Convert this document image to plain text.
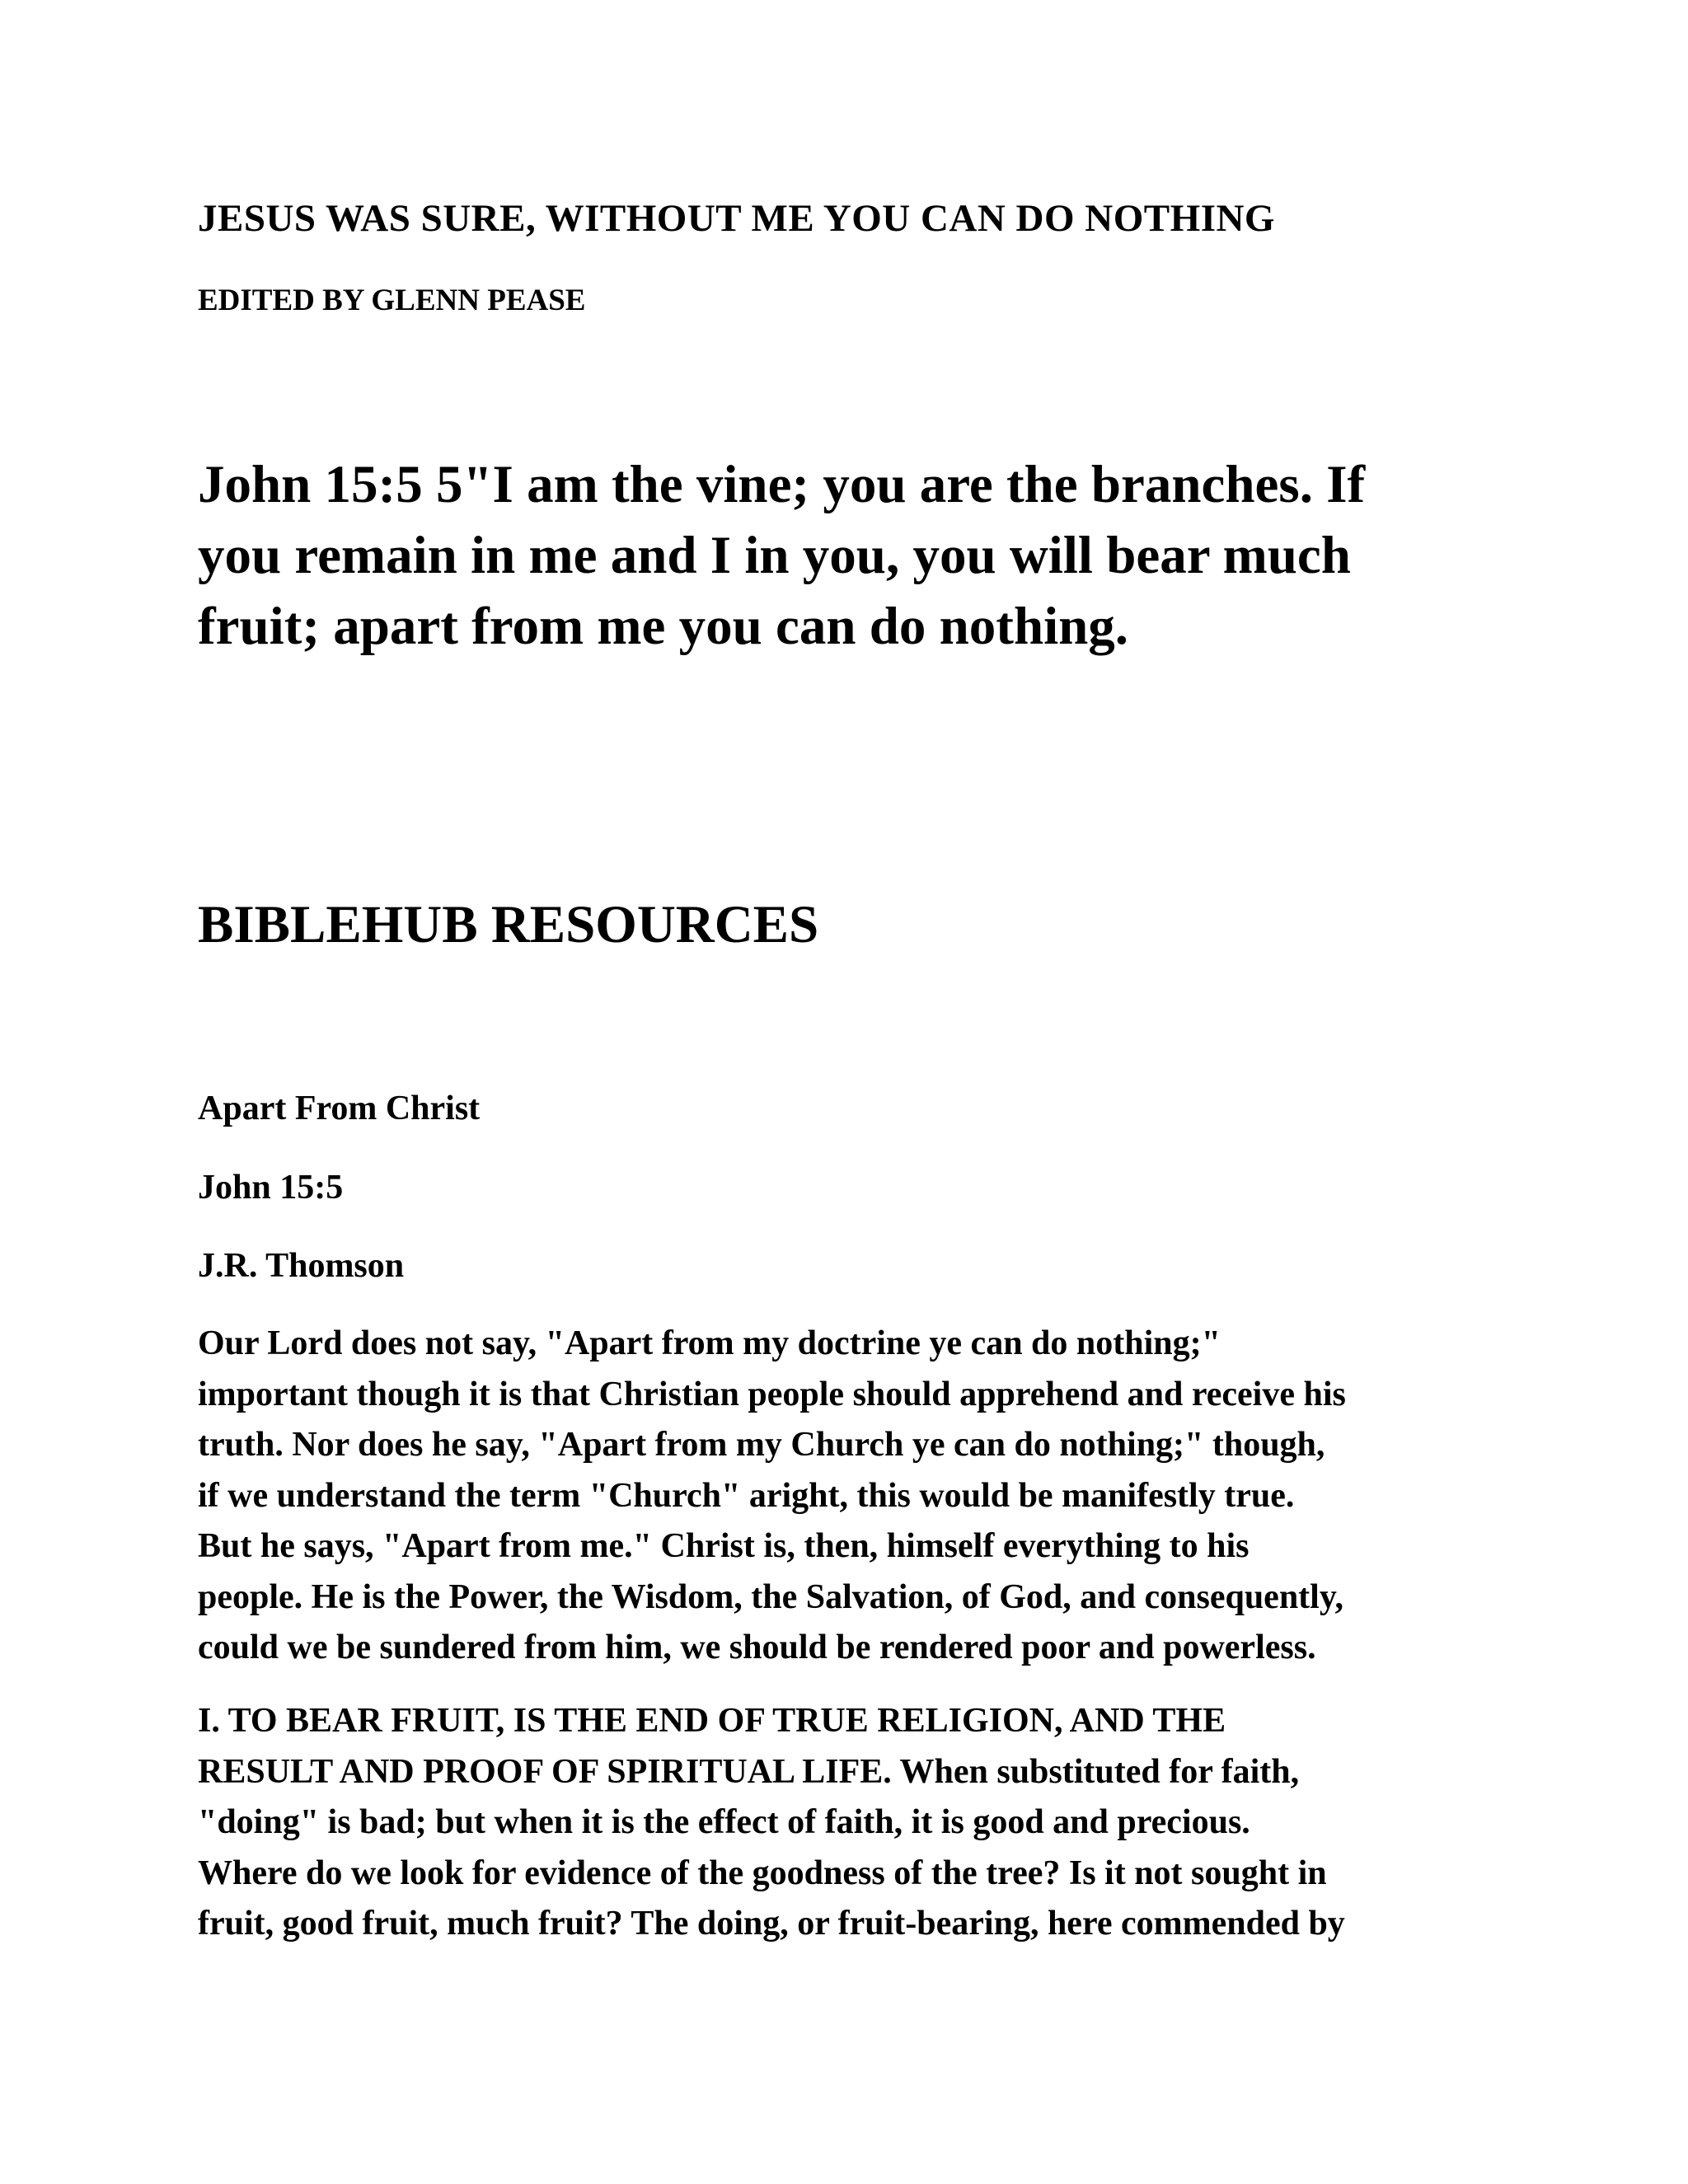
JESUS WAS SURE, WITHOUT ME YOU CAN DO NOTHING
EDITED BY GLENN PEASE
John 15:5 5"I am the vine; you are the branches. If
you remain in me and I in you, you will bear much
fruit; apart from me you can do nothing.
BIBLEHUB RESOURCES
Apart From Christ
John 15:5
J.R. Thomson
Our Lord does not say, "Apart from my doctrine ye can do nothing;"
important though it is that Christian people should apprehend and receive his
truth. Nor does he say, "Apart from my Church ye can do nothing;" though,
if we understand the term "Church" aright, this would be manifestly true.
But he says, "Apart from me." Christ is, then, himself everything to his
people. He is the Power, the Wisdom, the Salvation, of God, and consequently,
could we be sundered from him, we should be rendered poor and powerless.
I. TO BEAR FRUIT, IS THE END OF TRUE RELIGION, AND THE
RESULT AND PROOF OF SPIRITUAL LIFE. When substituted for faith,
"doing" is bad; but when it is the effect of faith, it is good and precious.
Where do we look for evidence of the goodness of the tree? Is it not sought in
fruit, good fruit, much fruit? The doing, or fruit-bearing, here commended by
